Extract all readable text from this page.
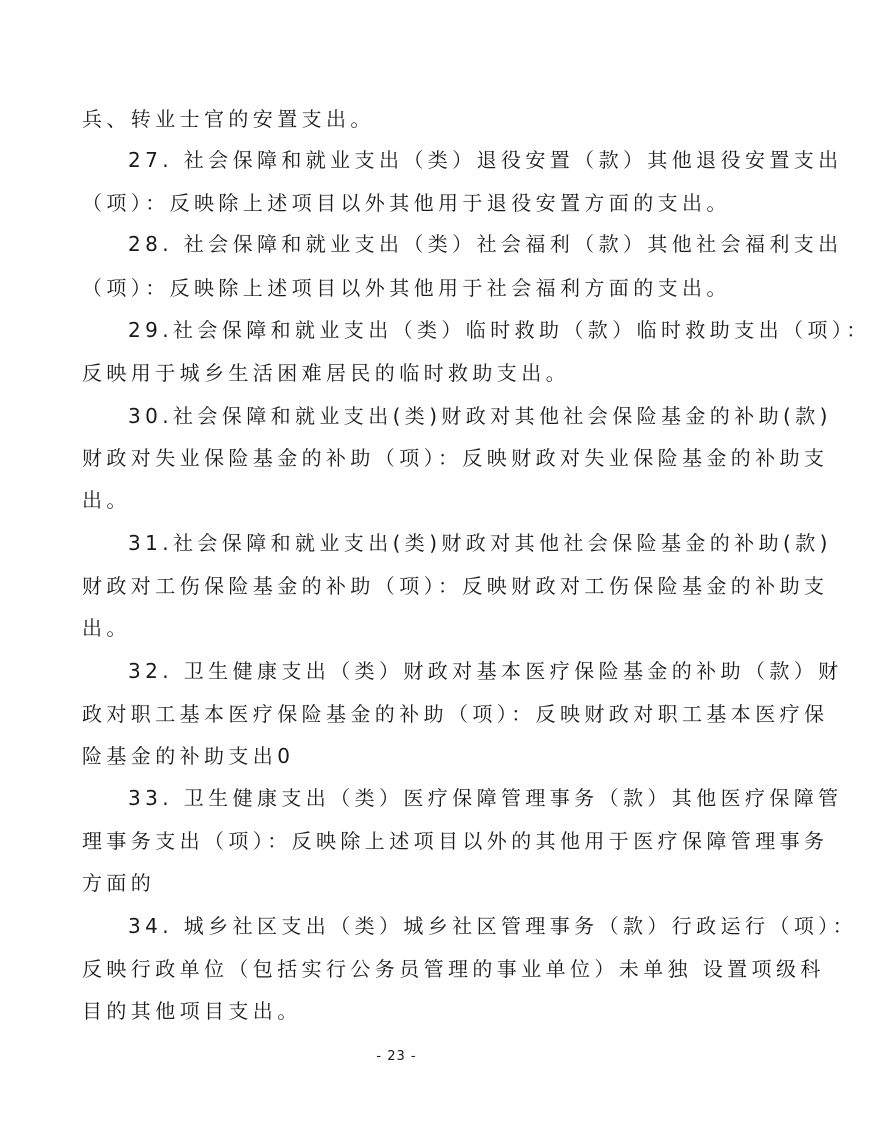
兵、转业士官的安置支出。
27. 社会保障和就业支出（类）退役安置（款）其他退役安置支出
（项）：反映除上述项目以外其他用于退役安置方面的支出。
28. 社会保障和就业支出（类）社会福利（款）其他社会福利支出
（项）：反映除上述项目以外其他用于社会福利方面的支出。
29.社会保障和就业支出（类）临时救助（款）临时救助支出（项）：
反映用于城乡生活困难居民的临时救助支出。
30.社会保障和就业支出(类)财政对其他社会保险基金的补助(款)
财政对失业保险基金的补助（项）：反映财政对失业保险基金的补助支
出。
31.社会保障和就业支出(类)财政对其他社会保险基金的补助(款)
财政对工伤保险基金的补助（项）：反映财政对工伤保险基金的补助支
出。
32. 卫生健康支出（类）财政对基本医疗保险基金的补助（款）财
政对职工基本医疗保险基金的补助（项）：反映财政对职工基本医疗保
险基金的补助支出0
33. 卫生健康支出（类）医疗保障管理事务（款）其他医疗保障管
理事务支出（项）：反映除上述项目以外的其他用于医疗保障管理事务
方面的
34. 城乡社区支出（类）城乡社区管理事务（款）行政运行（项）：
反映行政单位（包括实行公务员管理的事业单位）未单独 设置项级科
目的其他项目支出。
- 23 -
